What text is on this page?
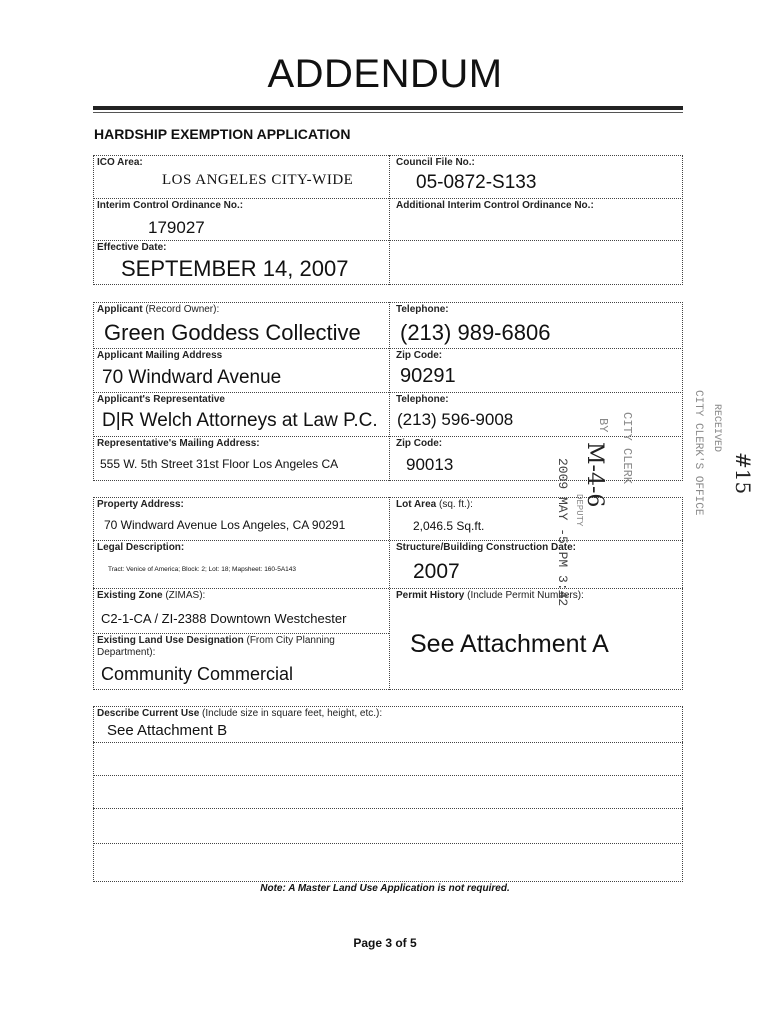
ADDENDUM
HARDSHIP EXEMPTION APPLICATION
ICO Area:
LOS ANGELES CITY-WIDE
Council File No.:
05-0872-S133
Interim Control Ordinance No.:
179027
Additional Interim Control Ordinance No.:
Effective Date:
SEPTEMBER 14, 2007
Applicant (Record Owner):
Green Goddess Collective
Telephone:
(213) 989-6806
Applicant Mailing Address
70 Windward Avenue
Zip Code:
90291
Applicant's Representative
D|R Welch Attorneys at Law P.C.
Telephone:
(213) 596-9008
Representative's Mailing Address:
555 W. 5th Street 31st Floor Los Angeles CA
Zip Code:
90013
Property Address:
70 Windward Avenue Los Angeles, CA 90291
Lot Area (sq. ft.):
2,046.5 Sq.ft.
Legal Description:
Tract: Venice of America; Block: 2; Lot: 18; Mapsheet: 160-5A143
Structure/Building Construction Date:
2007
Existing Zone (ZIMAS):
C2-1-CA / ZI-2388 Downtown Westchester
Permit History (Include Permit Numbers):
See Attachment A
Existing Land Use Designation (From City Planning Department):
Community Commercial
Describe Current Use (Include size in square feet, height, etc.):
See Attachment B
Note: A Master Land Use Application is not required.
Page 3 of 5
2009 MAY -5 PM 3:42
CITY CLERK
BY
DEPUTY
RECEIVED
CITY CLERK'S OFFICE
M-4-6	#15
